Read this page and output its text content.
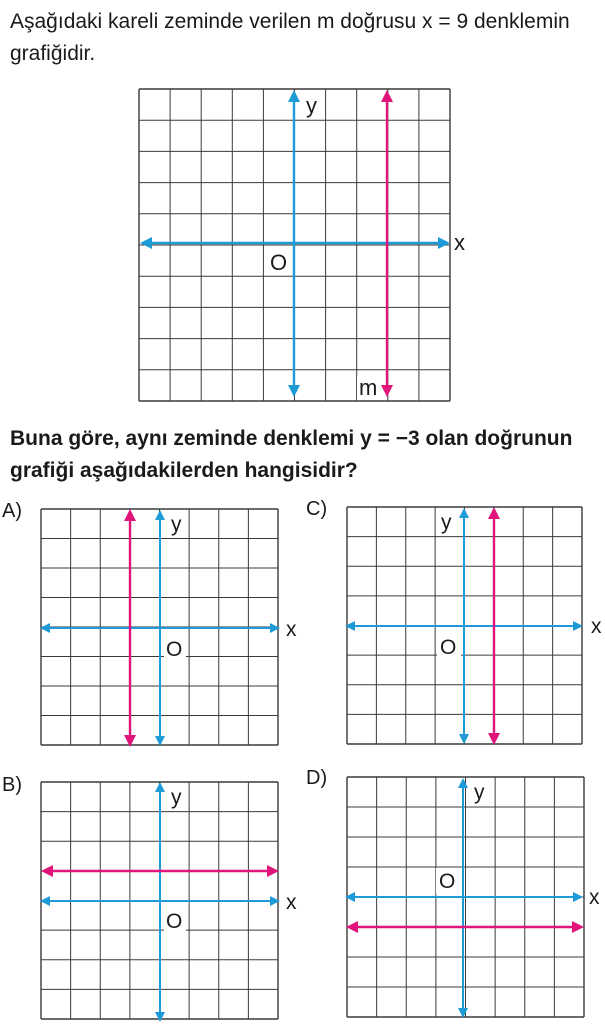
Aşağıdaki kareli zeminde verilen m doğrusu x = 9 denklemin grafiğidir.

y
x
O
m

Buna göre, aynı zeminde denklemi y = −3 olan doğrunun grafiği aşağıdakilerden hangisidir?

A)
y
x
O
C)
y
x
O
B)
y
x
O
D)
y
x
O
